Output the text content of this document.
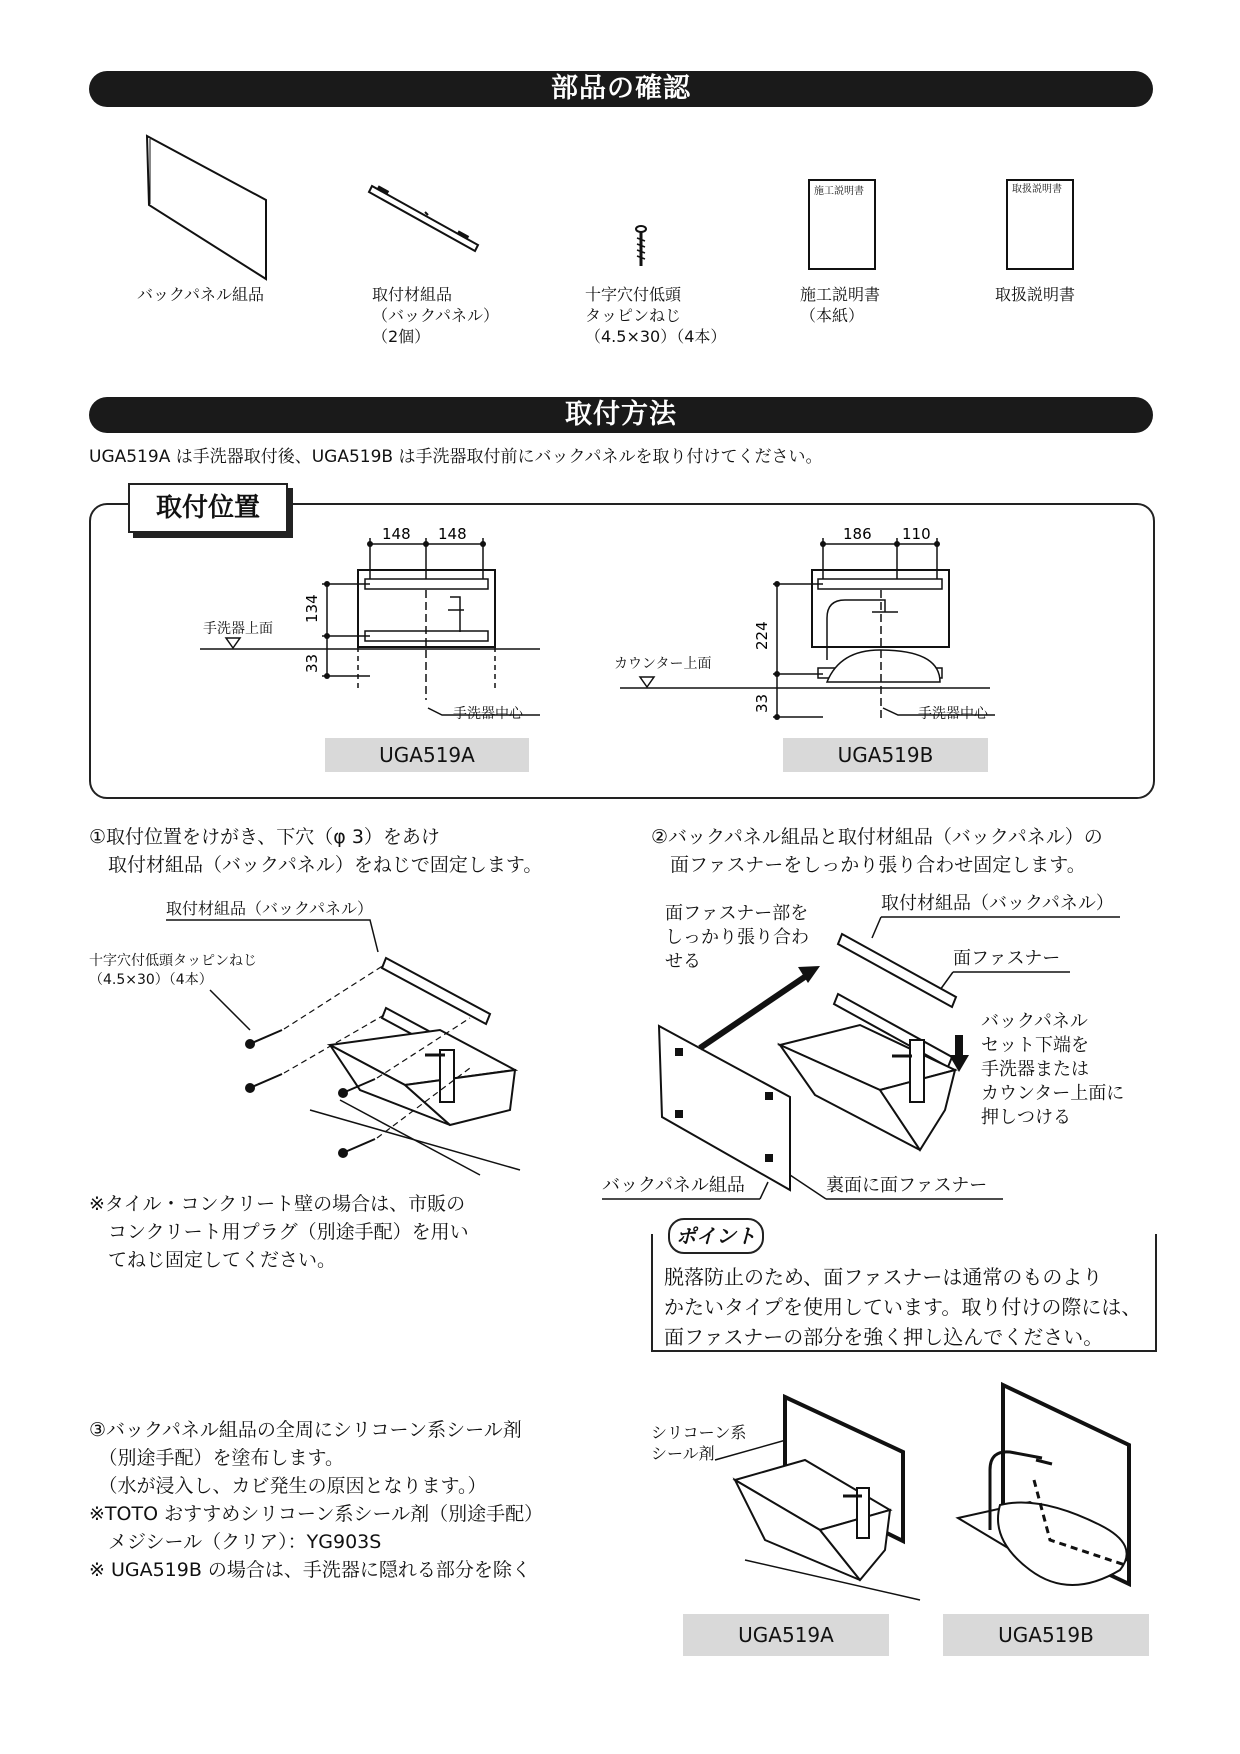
部品の確認
取付方法
施工説明書	取扱説明書
バックパネル組品	取付材組品
（バックパネル）
（2個）
十字穴付低頭
タッピンねじ
（4.5×30）（4本）
施工説明書
（本紙）
取扱説明書
UGA519A は手洗器取付後、UGA519B は手洗器取付前にバックパネルを取り付けてください。
取付位置
148 148
134
33
186 110
224
33
手洗器上面
手洗器中心
UGA519A
カウンター上面
手洗器中心
UGA519B
①取付位置をけがき、下穴（φ 3）をあけ
　取付材組品（バックパネル）をねじで固定します。
取付材組品（バックパネル）
十字穴付低頭タッピンねじ
（4.5×30）（4本）
※タイル・コンクリート壁の場合は、市販の
　コンクリート用プラグ（別途手配）を用い
　てねじ固定してください。
②バックパネル組品と取付材組品（バックパネル）の
　面ファスナーをしっかり張り合わせ固定します。
面ファスナー部を
しっかり張り合わ
せる
取付材組品（バックパネル）
面ファスナー
バックパネル
セット下端を
手洗器または
カウンター上面に
押しつける
バックパネル組品	裏面に面ファスナー
ポイント
脱落防止のため、面ファスナーは通常のものより
かたいタイプを使用しています。取り付けの際には、
面ファスナーの部分を強く押し込んでください。
③バックパネル組品の全周にシリコーン系シール剤
　（別途手配）を塗布します。
　（水が浸入し、カビ発生の原因となります。）
※TOTO おすすめシリコーン系シール剤（別途手配）
　メジシール（クリア）：YG903S
※ UGA519B の場合は、手洗器に隠れる部分を除く
シリコーン系
シール剤
UGA519A	UGA519B
